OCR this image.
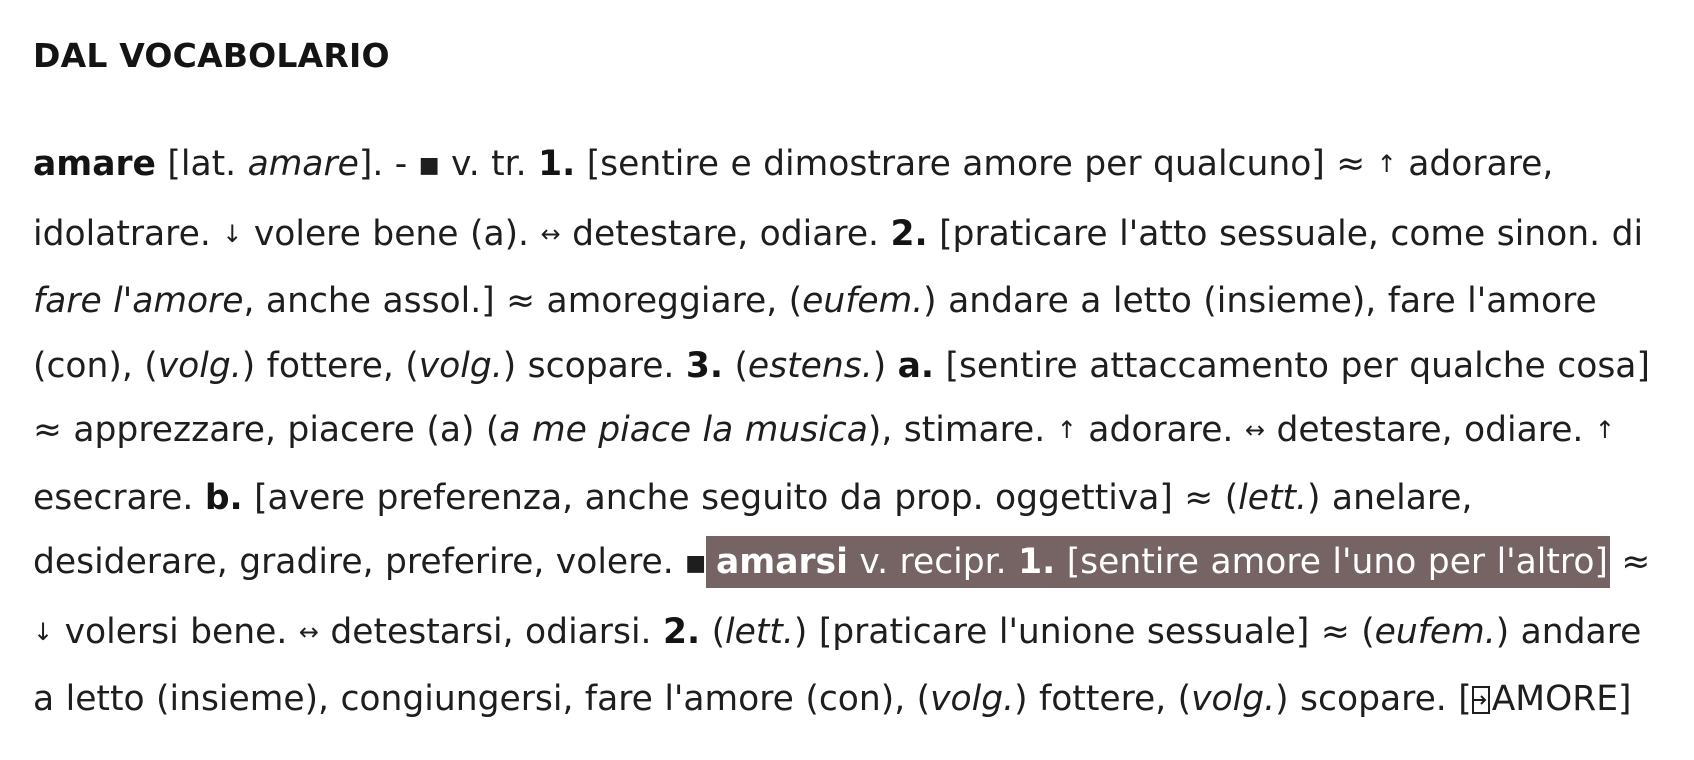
DAL VOCABOLARIO

amare [lat. amare]. - ■ v. tr. 1. [sentire e dimostrare amore per qualcuno] ≈ ↑ adorare, idolatrare. ↓ volere bene (a). ↔ detestare, odiare. 2. [praticare l'atto sessuale, come sinon. di fare l'amore, anche assol.] ≈ amoreggiare, (eufem.) andare a letto (insieme), fare l'amore (con), (volg.) fottere, (volg.) scopare. 3. (estens.) a. [sentire attaccamento per qualche cosa] ≈ apprezzare, piacere (a) (a me piace la musica), stimare. ↑ adorare. ↔ detestare, odiare. ↑ esecrare. b. [avere preferenza, anche seguito da prop. oggettiva] ≈ (lett.) anelare, desiderare, gradire, preferire, volere. ■ amarsi v. recipr. 1. [sentire amore l'uno per l'altro] ≈ ↓ volersi bene. ↔ detestarsi, odiarsi. 2. (lett.) [praticare l'unione sessuale] ≈ (eufem.) andare a letto (insieme), congiungersi, fare l'amore (con), (volg.) fottere, (volg.) scopare. [ AMORE]
